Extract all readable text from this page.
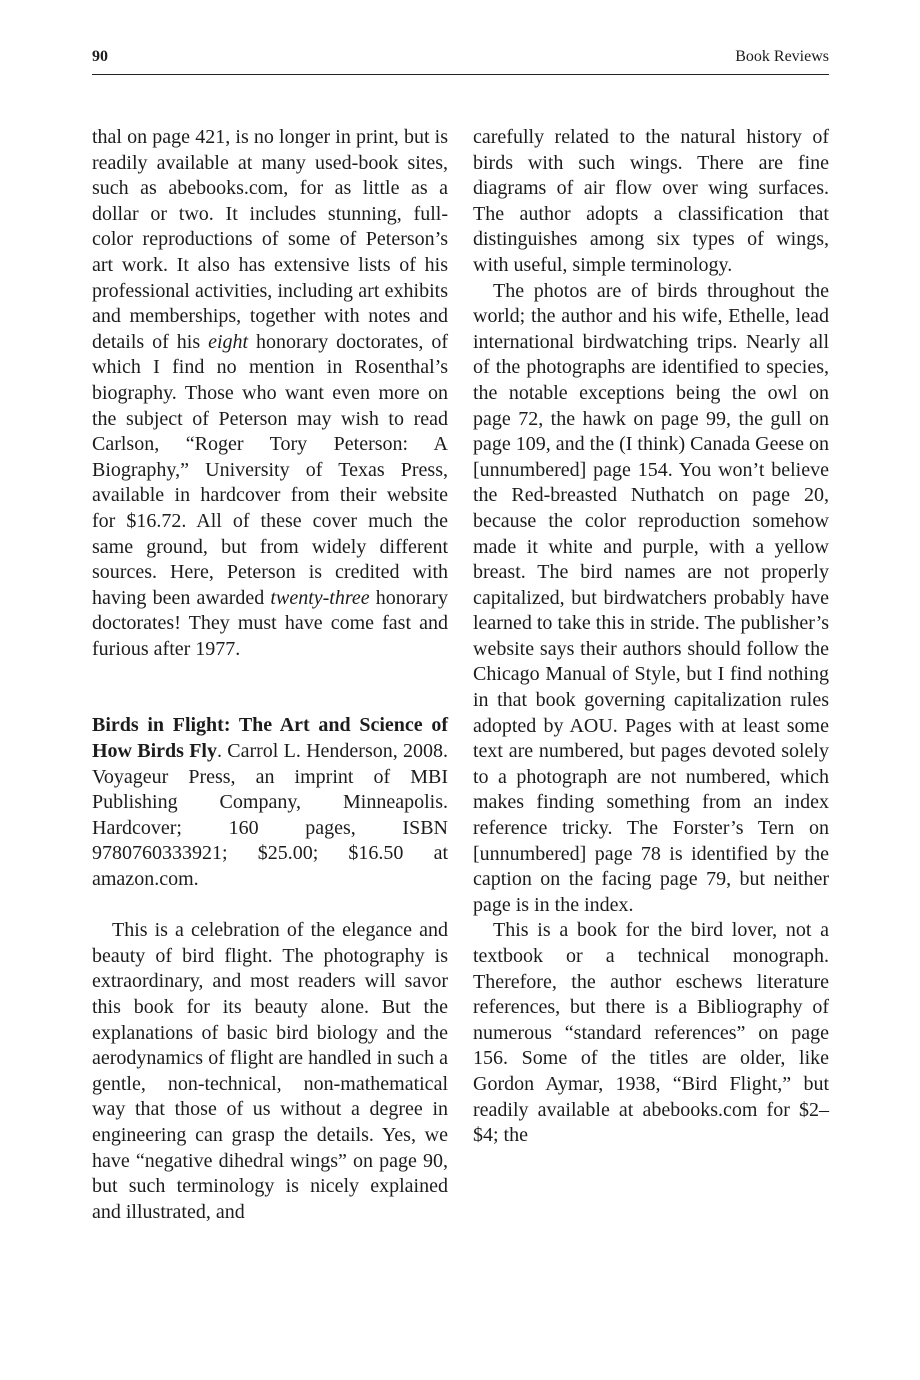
90	Book Reviews

thal on page 421, is no longer in print, but is readily available at many used-book sites, such as abebooks.com, for as little as a dollar or two. It includes stunning, full-color reproductions of some of Peterson’s art work. It also has extensive lists of his professional activities, including art exhibits and memberships, together with notes and details of his eight honorary doctorates, of which I find no mention in Rosenthal’s biography. Those who want even more on the subject of Peterson may wish to read Carlson, “Roger Tory Peterson: A Biography,” University of Texas Press, available in hardcover from their website for $16.72. All of these cover much the same ground, but from widely different sources. Here, Peterson is credited with having been awarded twenty-three honorary doctorates! They must have come fast and furious after 1977.

Birds in Flight: The Art and Science of How Birds Fly. Carrol L. Henderson, 2008. Voyageur Press, an imprint of MBI Publishing Company, Minneapolis. Hardcover; 160 pages, ISBN 9780760333921; $25.00; $16.50 at amazon.com.

This is a celebration of the elegance and beauty of bird flight. The photography is extraordinary, and most readers will savor this book for its beauty alone. But the explanations of basic bird biology and the aerodynamics of flight are handled in such a gentle, non-technical, non-mathematical way that those of us without a degree in engineering can grasp the details. Yes, we have “negative dihedral wings” on page 90, but such terminology is nicely explained and illustrated, and

carefully related to the natural history of birds with such wings. There are fine diagrams of air flow over wing surfaces. The author adopts a classification that distinguishes among six types of wings, with useful, simple terminology.

The photos are of birds throughout the world; the author and his wife, Ethelle, lead international birdwatching trips. Nearly all of the photographs are identified to species, the notable exceptions being the owl on page 72, the hawk on page 99, the gull on page 109, and the (I think) Canada Geese on [unnumbered] page 154. You won’t believe the Red-breasted Nuthatch on page 20, because the color reproduction somehow made it white and purple, with a yellow breast. The bird names are not properly capitalized, but birdwatchers probably have learned to take this in stride. The publisher’s website says their authors should follow the Chicago Manual of Style, but I find nothing in that book governing capitalization rules adopted by AOU. Pages with at least some text are numbered, but pages devoted solely to a photograph are not numbered, which makes finding something from an index reference tricky. The Forster’s Tern on [unnumbered] page 78 is identified by the caption on the facing page 79, but neither page is in the index.

This is a book for the bird lover, not a textbook or a technical monograph. Therefore, the author eschews literature references, but there is a Bibliography of numerous “standard references” on page 156. Some of the titles are older, like Gordon Aymar, 1938, “Bird Flight,” but readily available at abebooks.com for $2–$4; the
